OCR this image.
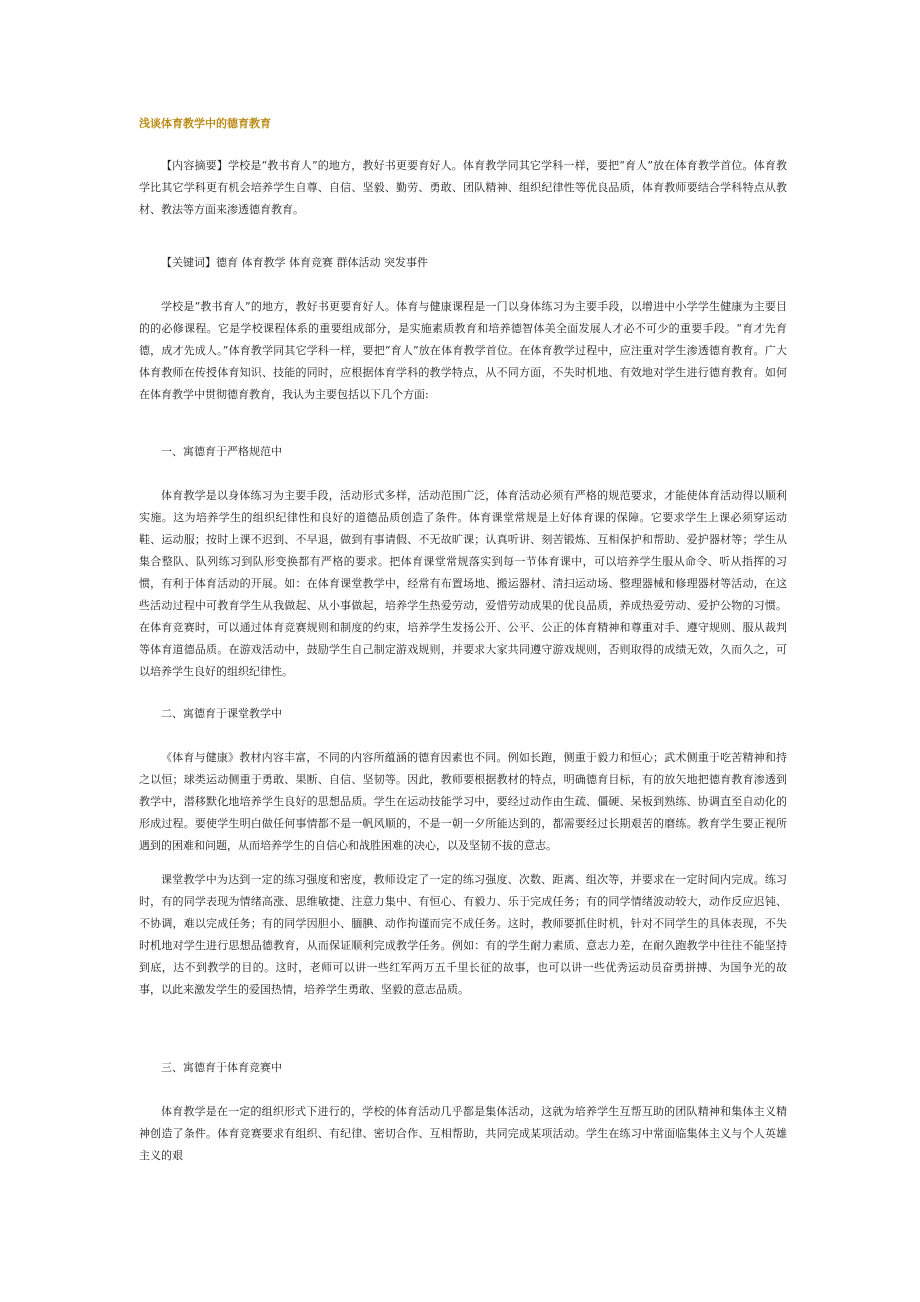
浅谈体育教学中的德育教育

【内容摘要】学校是“教书育人”的地方，教好书更要育好人。体育教学同其它学科一样，要把“育人”放在体育教学首位。体育教学比其它学科更有机会培养学生自尊、自信、坚毅、勤劳、勇敢、团队精神、组织纪律性等优良品质，体育教师要结合学科特点从教材、教法等方面来渗透德育教育。

【关键词】德育 体育教学 体育竞赛 群体活动 突发事件

学校是“教书育人”的地方，教好书更要育好人。体育与健康课程是一门以身体练习为主要手段，以增进中小学学生健康为主要目的的必修课程。它是学校课程体系的重要组成部分，是实施素质教育和培养德智体美全面发展人才必不可少的重要手段。“育才先育德，成才先成人。”体育教学同其它学科一样，要把“育人”放在体育教学首位。在体育教学过程中，应注重对学生渗透德育教育。广大体育教师在传授体育知识、技能的同时，应根据体育学科的教学特点，从不同方面，不失时机地、有效地对学生进行德育教育。如何在体育教学中贯彻德育教育，我认为主要包括以下几个方面:

一、寓德育于严格规范中

体育教学是以身体练习为主要手段，活动形式多样，活动范围广泛，体育活动必须有严格的规范要求，才能使体育活动得以顺利实施。这为培养学生的组织纪律性和良好的道德品质创造了条件。体育课堂常规是上好体育课的保障。它要求学生上课必须穿运动鞋、运动服；按时上课不迟到、不早退，做到有事请假、不无故旷课；认真听讲、刻苦锻炼、互相保护和帮助、爱护器材等；学生从集合整队、队列练习到队形变换都有严格的要求。把体育课堂常规落实到每一节体育课中，可以培养学生服从命令、听从指挥的习惯，有利于体育活动的开展。如：在体育课堂教学中，经常有布置场地、搬运器材、清扫运动场、整理器械和修理器材等活动，在这些活动过程中可教育学生从我做起、从小事做起，培养学生热爱劳动，爱惜劳动成果的优良品质，养成热爱劳动、爱护公物的习惯。在体育竞赛时，可以通过体育竞赛规则和制度的约束，培养学生发扬公开、公平、公正的体育精神和尊重对手、遵守规则、服从裁判等体育道德品质。在游戏活动中，鼓励学生自己制定游戏规则，并要求大家共同遵守游戏规则，否则取得的成绩无效，久而久之，可以培养学生良好的组织纪律性。

二、寓德育于课堂教学中

《体育与健康》教材内容丰富，不同的内容所蕴涵的德育因素也不同。例如长跑，侧重于毅力和恒心；武术侧重于吃苦精神和持之以恒；球类运动侧重于勇敢、果断、自信、坚韧等。因此，教师要根据教材的特点，明确德育目标，有的放矢地把德育教育渗透到教学中，潜移默化地培养学生良好的思想品质。学生在运动技能学习中，要经过动作由生疏、僵硬、呆板到熟练、协调直至自动化的形成过程。要使学生明白做任何事情都不是一帆风顺的，不是一朝一夕所能达到的，都需要经过长期艰苦的磨练。教育学生要正视所遇到的困难和问题，从而培养学生的自信心和战胜困难的决心，以及坚韧不拔的意志。

课堂教学中为达到一定的练习强度和密度，教师设定了一定的练习强度、次数、距离、组次等，并要求在一定时间内完成。练习时，有的同学表现为情绪高涨、思维敏捷、注意力集中、有恒心、有毅力、乐于完成任务；有的同学情绪波动较大，动作反应迟钝、不协调，难以完成任务；有的同学因胆小、腼腆、动作拘谨而完不成任务。这时，教师要抓住时机，针对不同学生的具体表现，不失时机地对学生进行思想品德教育，从而保证顺利完成教学任务。例如：有的学生耐力素质、意志力差，在耐久跑教学中往往不能坚持到底，达不到教学的目的。这时，老师可以讲一些红军两万五千里长征的故事，也可以讲一些优秀运动员奋勇拼搏、为国争光的故事，以此来激发学生的爱国热情，培养学生勇敢、坚毅的意志品质。

三、寓德育于体育竞赛中

体育教学是在一定的组织形式下进行的，学校的体育活动几乎都是集体活动，这就为培养学生互帮互助的团队精神和集体主义精神创造了条件。体育竞赛要求有组织、有纪律、密切合作、互相帮助，共同完成某项活动。学生在练习中常面临集体主义与个人英雄主义的艰
